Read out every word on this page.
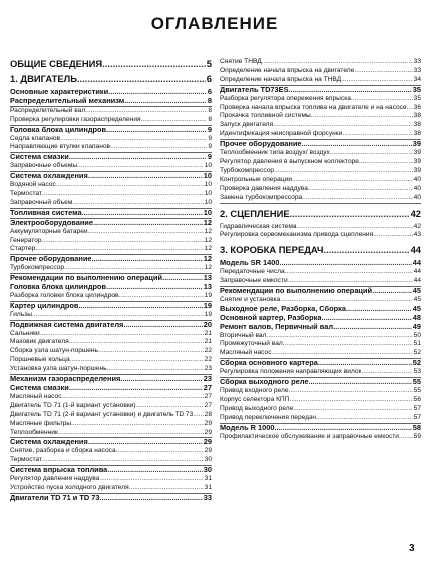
ОГЛАВЛЕНИЕ
ОБЩИЕ СВЕДЕНИЯ .....	5
1. ДВИГАТЕЛЬ .....	6
Основные характеристики .....	6
Распределительный механизм .....	8
Распределительный вал .....	8
Проверка регулировки газораспределения .....	8
Головка блока цилиндров .....	9
Седла клапанов .....	9
Направляющие втулки клапанов .....	9
Система смазки .....	9
Заправочные объемы .....	10
Система охлаждения .....	10
Водяной насос .....	10
Термостат .....	10
Заправочный объем .....	10
Топливная система .....	10
Электрооборудование .....	12
Аккумуляторные батареи .....	12
Генератор .....	12
Стартер .....	12
Прочее оборудование .....	12
Турбокомпрессор .....	12
Рекомендации по выполнению операций .....	13
Головка блока цилиндров .....	13
Разборка головки блока цилиндров .....	19
Картер цилиндров .....	19
Гильзы .....	19
Подвижная система двигателя .....	20
Сальники .....	21
Маховик двигателя .....	21
Сборка узла шатун-поршень .....	22
Поршневые кольца .....	22
Установка узла шатун-поршень .....	23
Механизм газораспределения .....	23
Система смазки .....	27
Масляный насос .....	27
Двигатель TD 71 (1-й вариант установки) .....	27
Двигатель TD 71 (2-й вариант установки) и двигатель TD 73 ..... 28
Масляные фильтры .....	29
Теплообменник .....	29
Система охлаждения .....	29
Снятие, разборка и сборка насоса .....	29
Термостат .....	30
Система впрыска топлива .....	30
Регулятор давления наддува .....	31
Устройство пуска холодного двигателя .....	31
Двигатели TD 71 и TD 73 .....	33
Снятие ТНВД .....	33
Определение начала впрыска на двигателе .....	33
Определение начала впрыска на ТНВД .....	34
Двигатель TD73ES .....	35
Разборка регулятора опережения впрыска .....	35
Проверка начала впрыска топлива на двигателе и на насосе ..... 36
Прокачка топливной системы .....	38
Запуск двигателя .....	38
Идентификация неисправной форсунки .....	38
Прочее оборудование .....	39
Теплообменник типа воздух/ воздух .....	39
Регулятор давления в выпускном коллекторе .....	39
Турбокомпрессор .....	39
Контрольные операции .....	40
Проверка давления наддува .....	40
Замена турбокомпрессора .....	40
2. СЦЕПЛЕНИЕ .....	42
Гидравлическая система .....	42
Регулировка сервомеханизма привода сцепления .....	43
3. КОРОБКА ПЕРЕДАЧ .....	44
Модель SR 1400 .....	44
Передаточные числа .....	44
Заправочные емкости .....	44
Рекомендации по выполнению операций .....	45
Снятие и установка .....	45
Выходное реле, Разборка, Сборка .....	45
Основной картер, Разборка .....	48
Ремонт валов, Первичный вал .....	49
Вторичный вал .....	50
Промежуточный вал .....	51
Масляный насос .....	52
Сборка основного картера .....	52
Регулировка положения направляющих вилок .....	53
Сборка выходного реле .....	55
Привод входного реле .....	55
Корпус селектора КПП .....	56
Привод выходного реле .....	57
Привод переключения передач .....	57
Модель R 1000 .....	58
Профилактическое обслуживание и заправочные емкости ..... 59
3
